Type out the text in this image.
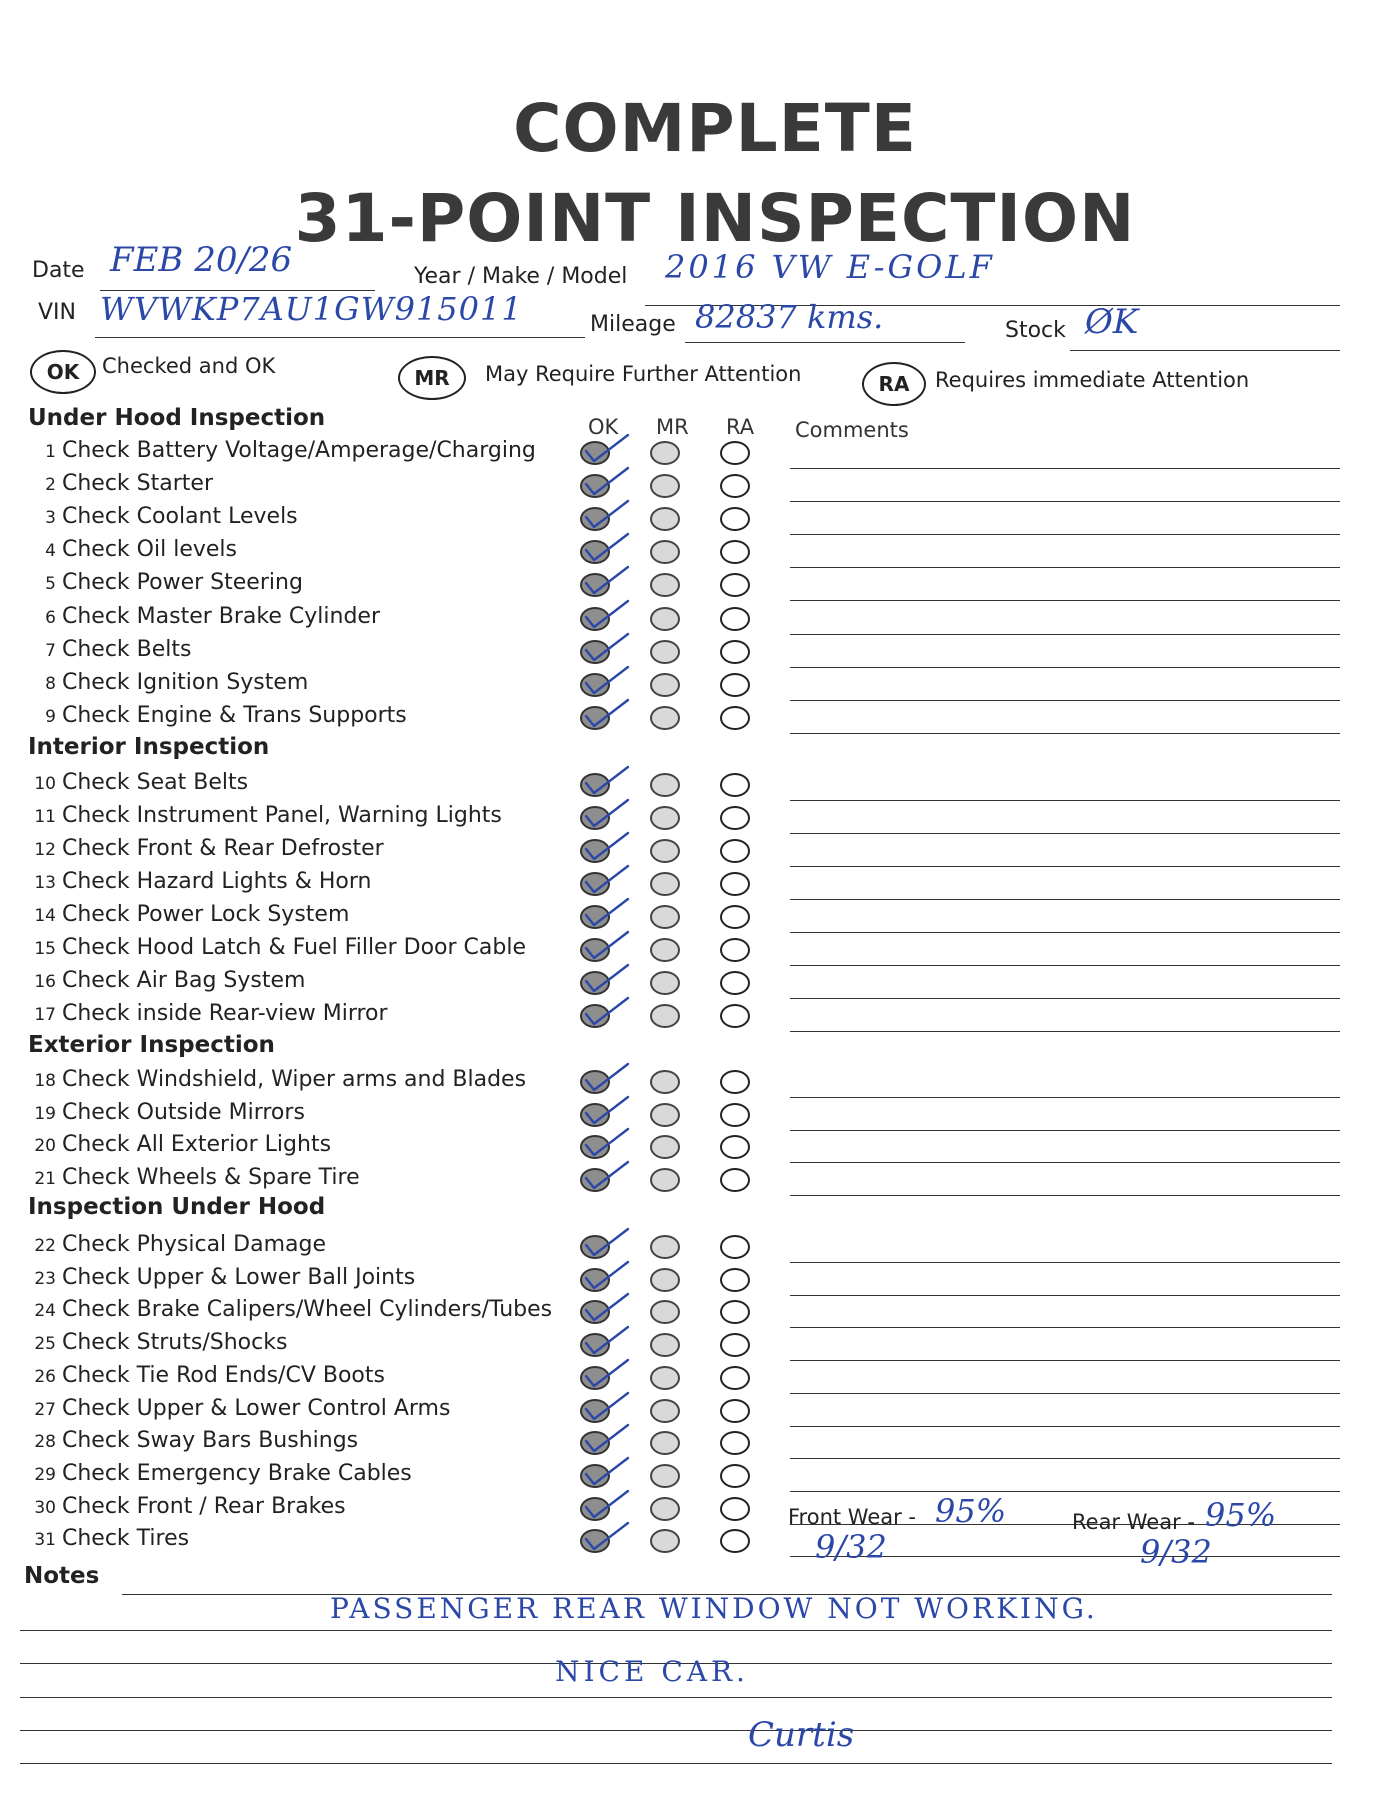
COMPLETE
31-POINT INSPECTION
Date FEB 20/26	Year / Make / Model 2016 VW E-GOLF
VIN WVWKP7AU1GW915011	Mileage 82837 kms.	Stock ØK
OK	Checked and OK	MR	May Require Further Attention	RA	Requires immediate Attention
OK MR RA Comments
Under Hood Inspection
1 Check Battery Voltage/Amperage/Charging
2 Check Starter
3 Check Coolant Levels
4 Check Oil levels
5 Check Power Steering
6 Check Master Brake Cylinder
7 Check Belts
8 Check Ignition System
9 Check Engine & Trans Supports
Interior Inspection
10 Check Seat Belts
11 Check Instrument Panel, Warning Lights
12 Check Front & Rear Defroster
13 Check Hazard Lights & Horn
14 Check Power Lock System
15 Check Hood Latch & Fuel Filler Door Cable
16 Check Air Bag System
17 Check inside Rear-view Mirror
Exterior Inspection
18 Check Windshield, Wiper arms and Blades
19 Check Outside Mirrors
20 Check All Exterior Lights
21 Check Wheels & Spare Tire
Inspection Under Hood
22 Check Physical Damage
23 Check Upper & Lower Ball Joints
24 Check Brake Calipers/Wheel Cylinders/Tubes
25 Check Struts/Shocks
26 Check Tie Rod Ends/CV Boots
27 Check Upper & Lower Control Arms
28 Check Sway Bars Bushings
29 Check Emergency Brake Cables
30 Check Front / Rear Brakes
31 Check Tires
Front Wear - 95%	Rear Wear - 95%
9/32	9/32
Notes
PASSENGER REAR WINDOW NOT WORKING.
NICE CAR.
Curtis
